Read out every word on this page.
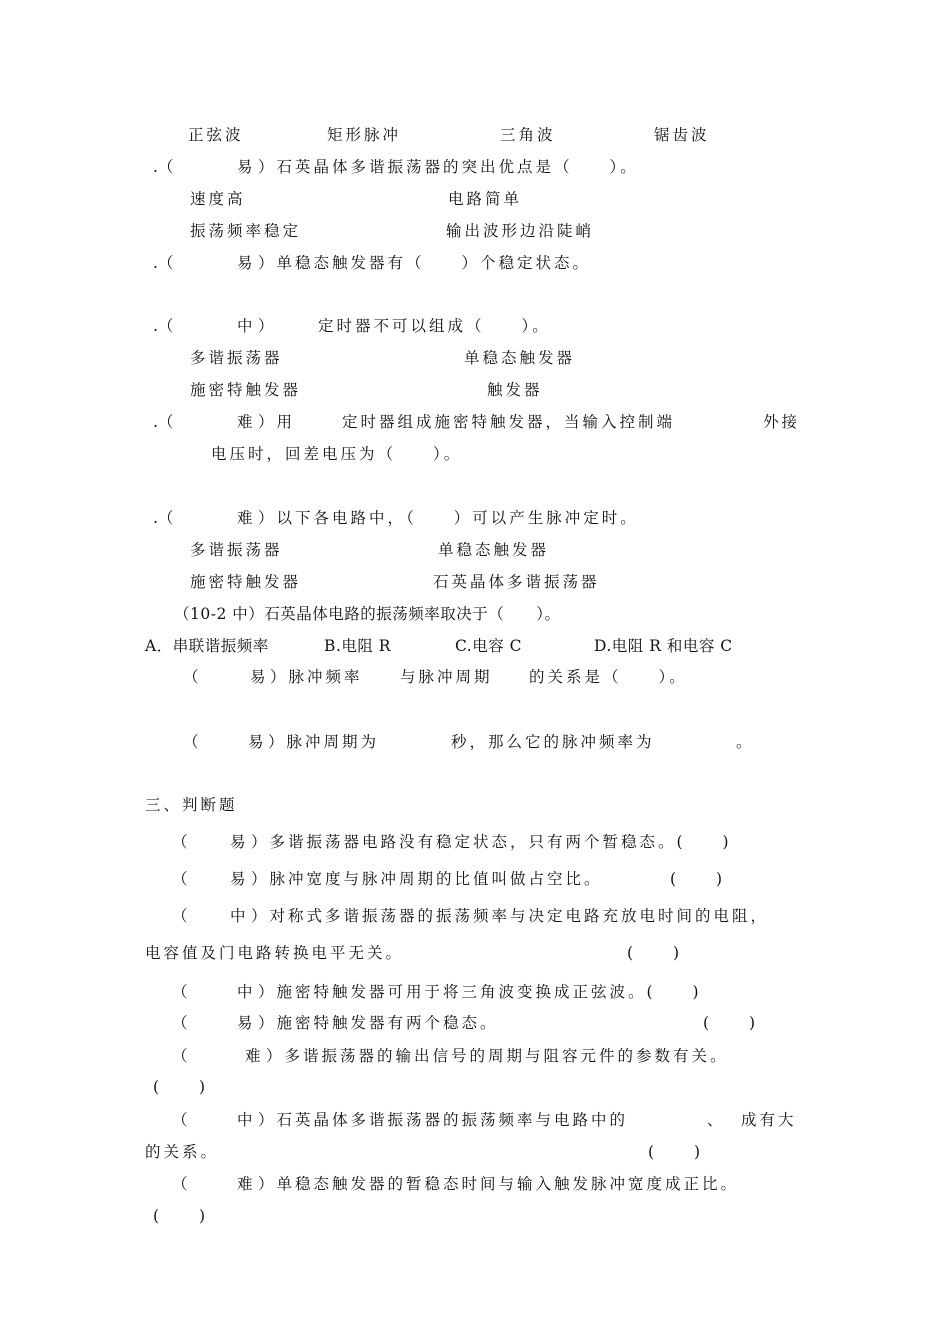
正弦波	矩形脉冲	三角波	锯齿波
.（	易 ）石英晶体多谐振荡器的突出优点是（　　）。
速度高	电路简单
振荡频率稳定	输出波形边沿陡峭
.（	易 ）单稳态触发器有（　　）个稳定状态。
.（	中 ）	定时器不可以组成（　　）。
多谐振荡器	单稳态触发器
施密特触发器	触发器
.（	难 ）用	定时器组成施密特触发器，当输入控制端	外接
电压时，回差电压为（　　）。
.（	难 ）以下各电路中，（　　）可以产生脉冲定时。
多谐振荡器	单稳态触发器
施密特触发器	石英晶体多谐振荡器
（10-2 中）石英晶体电路的振荡频率取决于（　　）。
A．串联谐振频率	B.电阻 R	C.电容 C	D.电阻 R 和电容 C
（	易 ）脉冲频率 与脉冲周期 的关系是（　　）。
（	易 ）脉冲周期为	秒，那么它的脉冲频率为	。
三、判断题
（	易 ）多谐振荡器电路没有稳定状态，只有两个暂稳态。(　　)
（	易 ）脉冲宽度与脉冲周期的比值叫做占空比。	(　　)
（	中 ）对称式多谐振荡器的振荡频率与决定电路充放电时间的电阻，
电容值及门电路转换电平无关。	(　　)
（	中 ）施密特触发器可用于将三角波变换成正弦波。(　　)
（	易 ）施密特触发器有两个稳态。	(　　)
（	难 ）多谐振荡器的输出信号的周期与阻容元件的参数有关。
(　　)
（	中 ）石英晶体多谐振荡器的振荡频率与电路中的	、 成有大
的关系。	(　　)
（	难 ）单稳态触发器的暂稳态时间与输入触发脉冲宽度成正比。
(　　)
